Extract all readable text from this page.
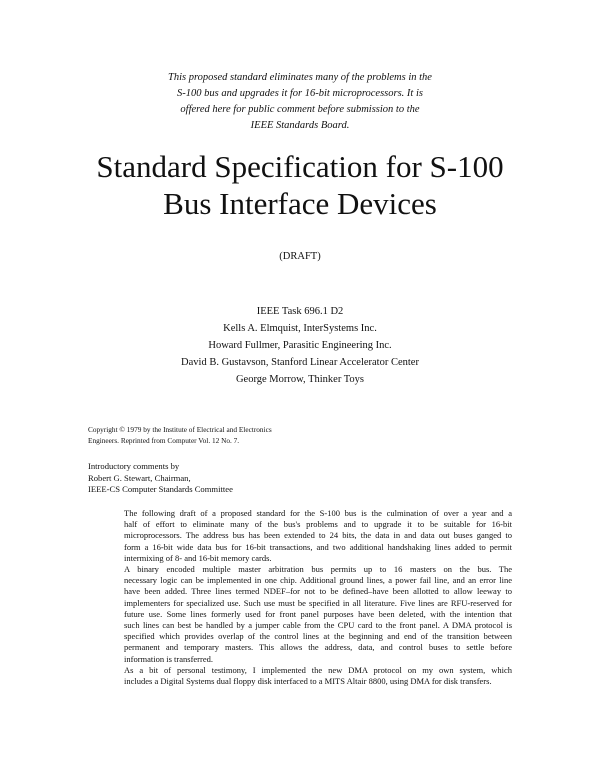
This proposed standard eliminates many of the problems in the
S-100 bus and upgrades it for 16-bit microprocessors. It is
offered here for public comment before submission to the
IEEE Standards Board.
Standard Specification for S-100
Bus Interface Devices
(DRAFT)
IEEE Task 696.1 D2
Kells A. Elmquist, InterSystems Inc.
Howard Fullmer, Parasitic Engineering Inc.
David B. Gustavson, Stanford Linear Accelerator Center
George Morrow, Thinker Toys
Copyright © 1979 by the Institute of Electrical and Electronics
Engineers. Reprinted from Computer Vol. 12 No. 7.
Introductory comments by
Robert G. Stewart, Chairman,
IEEE-CS Computer Standards Committee

The following draft of a proposed standard for the S-100 bus is the culmination of over a year and a
half of effort to eliminate many of the bus's problems and to upgrade it to be suitable for 16-bit
microprocessors. The address bus has been extended to 24 bits, the data in and data out buses ganged to
form a 16-bit wide data bus for 16-bit transactions, and two additional handshaking lines added to permit
intermixing of 8- and 16-bit memory cards.

A binary encoded multiple master arbitration bus permits up to 16 masters on the bus. The
necessary logic can be implemented in one chip. Additional ground lines, a power fail line, and an error line
have been added. Three lines termed NDEF–for not to be defined–have been allotted to allow leeway to
implementers for specialized use. Such use must be specified in all literature. Five lines are RFU-reserved for
future use. Some lines formerly used for front panel purposes have been deleted, with the intention that
such lines can best be handled by a jumper cable from the CPU card to the front panel. A DMA protocol is
specified which provides overlap of the control lines at the beginning and end of the transition between
permanent and temporary masters. This allows the address, data, and control buses to settle before
information is transferred.

As a bit of personal testimony, I implemented the new DMA protocol on my own system, which
includes a Digital Systems dual floppy disk interfaced to a MITS Altair 8800, using DMA for disk transfers.
